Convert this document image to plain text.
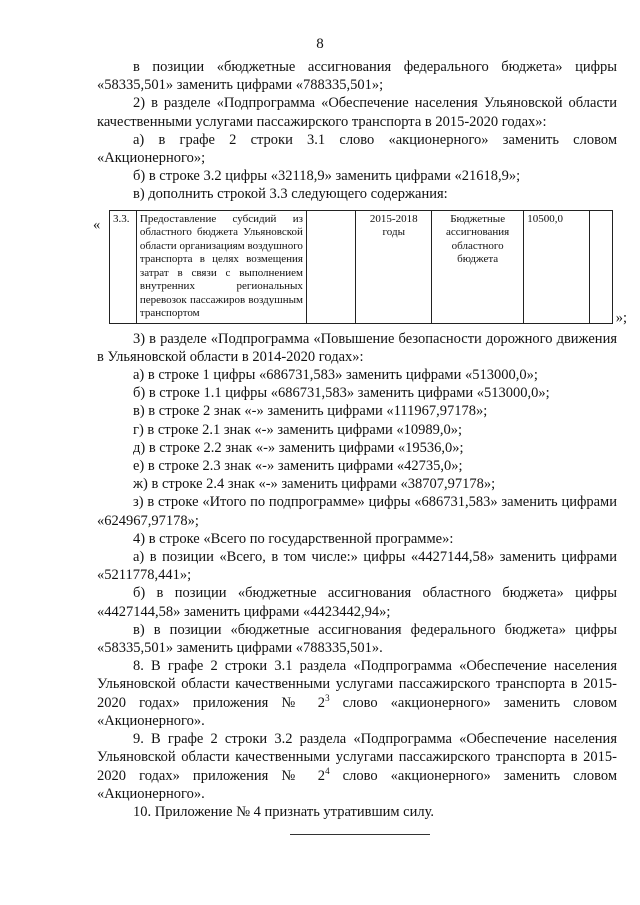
8

в позиции «бюджетные ассигнования федерального бюджета» цифры «58335,501» заменить цифрами «788335,501»;

2) в разделе «Подпрограмма «Обеспечение населения Ульяновской области качественными услугами пассажирского транспорта в 2015-2020 годах»:

а) в графе 2 строки 3.1 слово «акционерного» заменить словом «Акционерного»;

б) в строке 3.2 цифры «32118,9» заменить цифрами «21618,9»;

в) дополнить строкой 3.3 следующего содержания:

« 3.3.	Предоставление субсидий из областного бюджета Ульяновской области организациям воздушного транспорта в целях возмещения затрат в связи с выполнением внутренних региональных перевозок пассажиров воздушным транспортом		2015-2018 годы	Бюджетные ассигнования областного бюджета	10500,0	
»;

3) в разделе «Подпрограмма «Повышение безопасности дорожного движения в Ульяновской области в 2014-2020 годах»:

а) в строке 1 цифры «686731,583» заменить цифрами «513000,0»;

б) в строке 1.1 цифры «686731,583» заменить цифрами «513000,0»;

в) в строке 2 знак «-» заменить цифрами «111967,97178»;

г) в строке 2.1 знак «-» заменить цифрами «10989,0»;

д) в строке 2.2 знак «-» заменить цифрами «19536,0»;

е) в строке 2.3 знак «-» заменить цифрами «42735,0»;

ж) в строке 2.4 знак «-» заменить цифрами «38707,97178»;

з) в строке «Итого по подпрограмме» цифры «686731,583» заменить цифрами «624967,97178»;

4) в строке «Всего по государственной программе»:

а) в позиции «Всего, в том числе:» цифры «4427144,58» заменить цифрами «5211778,441»;

б) в позиции «бюджетные ассигнования областного бюджета» цифры «4427144,58» заменить цифрами «4423442,94»;

в) в позиции «бюджетные ассигнования федерального бюджета» цифры «58335,501» заменить цифрами «788335,501».

8. В графе 2 строки 3.1 раздела «Подпрограмма «Обеспечение населения Ульяновской области качественными услугами пассажирского транспорта в 2015-2020 годах» приложения № $2^3$ слово «акционерного» заменить словом «Акционерного».

9. В графе 2 строки 3.2 раздела «Подпрограмма «Обеспечение населения Ульяновской области качественными услугами пассажирского транспорта в 2015-2020 годах» приложения № $2^4$ слово «акционерного» заменить словом «Акционерного».

10. Приложение № 4 признать утратившим силу.
